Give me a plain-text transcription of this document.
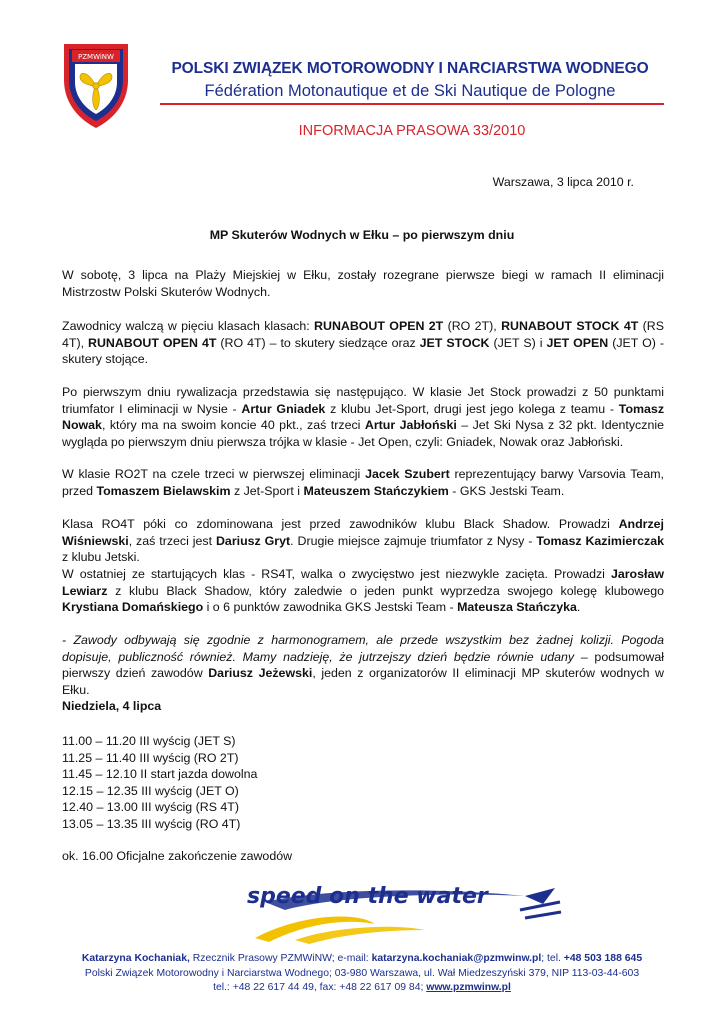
PZMWiNW
POLSKI ZWIĄZEK MOTOROWODNY I NARCIARSTWA WODNEGO
Fédération Motonautique et de Ski Nautique de Pologne
INFORMACJA PRASOWA 33/2010
Warszawa, 3 lipca 2010 r.
MP Skuterów Wodnych w Ełku – po pierwszym dniu

W sobotę, 3 lipca na Plaży Miejskiej w Ełku, zostały rozegrane pierwsze biegi w ramach II eliminacji Mistrzostw Polski Skuterów Wodnych.

Zawodnicy walczą w pięciu klasach klasach: RUNABOUT OPEN 2T (RO 2T), RUNABOUT STOCK 4T (RS 4T), RUNABOUT OPEN 4T (RO 4T) – to skutery siedzące oraz JET STOCK (JET S) i JET OPEN (JET O) - skutery stojące.

Po pierwszym dniu rywalizacja przedstawia się następująco. W klasie Jet Stock prowadzi z 50 punktami triumfator I eliminacji w Nysie - Artur Gniadek z klubu Jet-Sport, drugi jest jego kolega z teamu - Tomasz Nowak, który ma na swoim koncie 40 pkt., zaś trzeci Artur Jabłoński – Jet Ski Nysa z 32 pkt. Identycznie wygląda po pierwszym dniu pierwsza trójka w klasie - Jet Open, czyli: Gniadek, Nowak oraz Jabłoński.

W klasie RO2T na czele trzeci w pierwszej eliminacji Jacek Szubert reprezentujący barwy Varsovia Team, przed Tomaszem Bielawskim z Jet-Sport i Mateuszem Stańczykiem - GKS Jestski Team.

Klasa RO4T póki co zdominowana jest przed zawodników klubu Black Shadow. Prowadzi Andrzej Wiśniewski, zaś trzeci jest Dariusz Gryt. Drugie miejsce zajmuje triumfator z Nysy - Tomasz Kazimierczak z klubu Jetski.

W ostatniej ze startujących klas - RS4T, walka o zwycięstwo jest niezwykle zacięta. Prowadzi Jarosław Lewiarz z klubu Black Shadow, który zaledwie o jeden punkt wyprzedza swojego kolegę klubowego Krystiana Domańskiego i o 6 punktów zawodnika GKS Jestski Team - Mateusza Stańczyka.

- Zawody odbywają się zgodnie z harmonogramem, ale przede wszystkim bez żadnej kolizji. Pogoda dopisuje, publiczność również. Mamy nadzieję, że jutrzejszy dzień będzie równie udany – podsumował pierwszy dzień zawodów Dariusz Jeżewski, jeden z organizatorów II eliminacji MP skuterów wodnych w Ełku.

Niedziela, 4 lipca

11.00 – 11.20 III wyścig (JET S)
11.25 – 11.40 III wyścig (RO 2T)
11.45 – 12.10 II start jazda dowolna
12.15 – 12.35 III wyścig (JET O)
12.40 – 13.00 III wyścig (RS 4T)
13.05 – 13.35 III wyścig (RO 4T)

ok. 16.00 Oficjalne zakończenie zawodów

speed on the water
Katarzyna Kochaniak, Rzecznik Prasowy PZMWiNW; e-mail: katarzyna.kochaniak@pzmwinw.pl; tel. +48 503 188 645
Polski Związek Motorowodny i Narciarstwa Wodnego; 03-980 Warszawa, ul. Wał Miedzeszyński 379, NIP 113-03-44-603
tel.: +48 22 617 44 49, fax: +48 22 617 09 84; www.pzmwinw.pl
